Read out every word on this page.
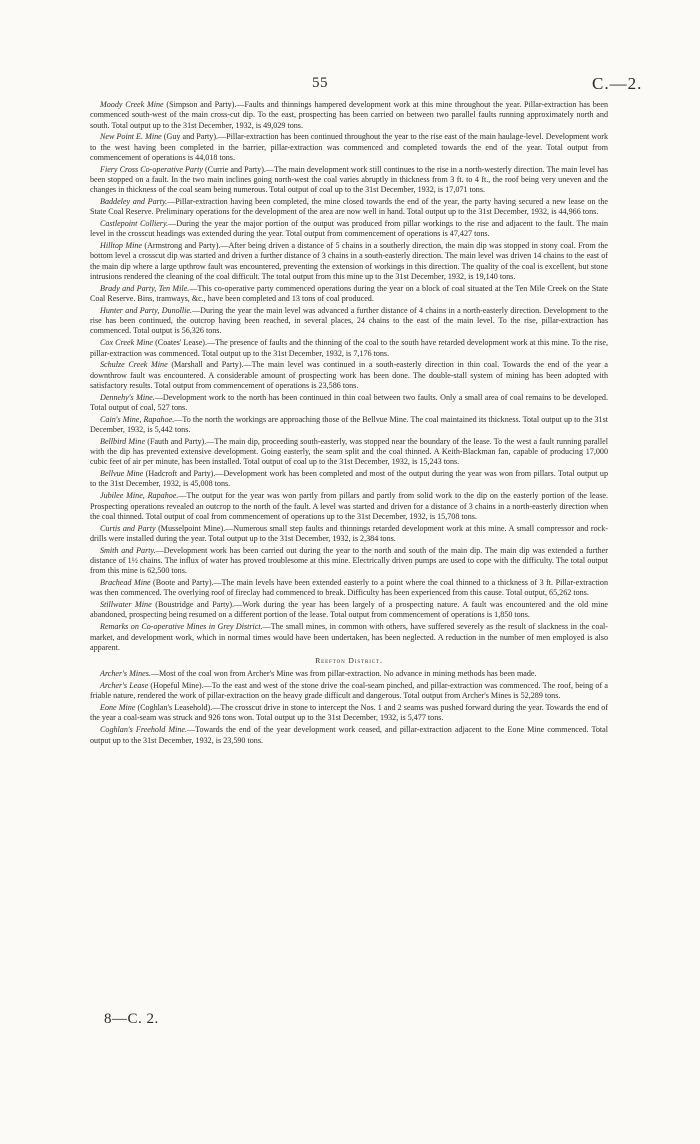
55	C.—2.

Moody Creek Mine (Simpson and Party).—Faults and thinnings hampered development work at this mine throughout the year. Pillar-extraction has been commenced south-west of the main cross-cut dip. To the east, prospecting has been carried on between two parallel faults running approximately north and south. Total output up to the 31st December, 1932, is 49,029 tons.

New Point E. Mine (Guy and Party).—Pillar-extraction has been continued throughout the year to the rise east of the main haulage-level. Development work to the west having been completed in the barrier, pillar-extraction was commenced and completed towards the end of the year. Total output from commencement of operations is 44,018 tons.

Fiery Cross Co-operative Party (Currie and Party).—The main development work still continues to the rise in a north-westerly direction. The main level has been stopped on a fault. In the two main inclines going north-west the coal varies abruptly in thickness from 3 ft. to 4 ft., the roof being very uneven and the changes in thickness of the coal seam being numerous. Total output of coal up to the 31st December, 1932, is 17,071 tons.

Baddeley and Party.—Pillar-extraction having been completed, the mine closed towards the end of the year, the party having secured a new lease on the State Coal Reserve. Preliminary operations for the development of the area are now well in hand. Total output up to the 31st December, 1932, is 44,966 tons.

Castlepoint Colliery.—During the year the major portion of the output was produced from pillar workings to the rise and adjacent to the fault. The main level in the crosscut headings was extended during the year. Total output from commencement of operations is 47,427 tons.

Hilltop Mine (Armstrong and Party).—After being driven a distance of 5 chains in a southerly direction, the main dip was stopped in stony coal. From the bottom level a crosscut dip was started and driven a further distance of 3 chains in a south-easterly direction. The main level was driven 14 chains to the east of the main dip where a large upthrow fault was encountered, preventing the extension of workings in this direction. The quality of the coal is excellent, but stone intrusions rendered the cleaning of the coal difficult. The total output from this mine up to the 31st December, 1932, is 19,140 tons.

Brady and Party, Ten Mile.—This co-operative party commenced operations during the year on a block of coal situated at the Ten Mile Creek on the State Coal Reserve. Bins, tramways, &c., have been completed and 13 tons of coal produced.

Hunter and Party, Dunollie.—During the year the main level was advanced a further distance of 4 chains in a north-easterly direction. Development to the rise has been continued, the outcrop having been reached, in several places, 24 chains to the east of the main level. To the rise, pillar-extraction has commenced. Total output is 56,326 tons.

Cox Creek Mine (Coates' Lease).—The presence of faults and the thinning of the coal to the south have retarded development work at this mine. To the rise, pillar-extraction was commenced. Total output up to the 31st December, 1932, is 7,176 tons.

Schulze Creek Mine (Marshall and Party).—The main level was continued in a south-easterly direction in thin coal. Towards the end of the year a downthrow fault was encountered. A considerable amount of prospecting work has been done. The double-stall system of mining has been adopted with satisfactory results. Total output from commencement of operations is 23,586 tons.

Dennehy's Mine.—Development work to the north has been continued in thin coal between two faults. Only a small area of coal remains to be developed. Total output of coal, 527 tons.

Cain's Mine, Rapahoe.—To the north the workings are approaching those of the Bellvue Mine. The coal maintained its thickness. Total output up to the 31st December, 1932, is 5,442 tons.

Bellbird Mine (Fauth and Party).—The main dip, proceeding south-easterly, was stopped near the boundary of the lease. To the west a fault running parallel with the dip has prevented extensive development. Going easterly, the seam split and the coal thinned. A Keith-Blackman fan, capable of producing 17,000 cubic feet of air per minute, has been installed. Total output of coal up to the 31st December, 1932, is 15,243 tons.

Bellvue Mine (Hadcroft and Party).—Development work has been completed and most of the output during the year was won from pillars. Total output up to the 31st December, 1932, is 45,008 tons.

Jubilee Mine, Rapahoe.—The output for the year was won partly from pillars and partly from solid work to the dip on the easterly portion of the lease. Prospecting operations revealed an outcrop to the north of the fault. A level was started and driven for a distance of 3 chains in a north-easterly direction when the coal thinned. Total output of coal from commencement of operations up to the 31st December, 1932, is 15,708 tons.

Curtis and Party (Musselpoint Mine).—Numerous small step faults and thinnings retarded development work at this mine. A small compressor and rock-drills were installed during the year. Total output up to the 31st December, 1932, is 2,384 tons.

Smith and Party.—Development work has been carried out during the year to the north and south of the main dip. The main dip was extended a further distance of 1½ chains. The influx of water has proved troublesome at this mine. Electrically driven pumps are used to cope with the difficulty. The total output from this mine is 62,500 tons.

Brachead Mine (Boote and Party).—The main levels have been extended easterly to a point where the coal thinned to a thickness of 3 ft. Pillar-extraction was then commenced. The overlying roof of fireclay had commenced to break. Difficulty has been experienced from this cause. Total output, 65,262 tons.

Stillwater Mine (Boustridge and Party).—Work during the year has been largely of a prospecting nature. A fault was encountered and the old mine abandoned, prospecting being resumed on a different portion of the lease. Total output from commencement of operations is 1,850 tons.

Remarks on Co-operative Mines in Grey District.—The small mines, in common with others, have suffered severely as the result of slackness in the coal-market, and development work, which in normal times would have been undertaken, has been neglected. A reduction in the number of men employed is also apparent.

Reefton District.

Archer's Mines.—Most of the coal won from Archer's Mine was from pillar-extraction. No advance in mining methods has been made.

Archer's Lease (Hopeful Mine).—To the east and west of the stone drive the coal-seam pinched, and pillar-extraction was commenced. The roof, being of a friable nature, rendered the work of pillar-extraction on the heavy grade difficult and dangerous. Total output from Archer's Mines is 52,289 tons.

Eone Mine (Coghlan's Leasehold).—The crosscut drive in stone to intercept the Nos. 1 and 2 seams was pushed forward during the year. Towards the end of the year a coal-seam was struck and 926 tons won. Total output up to the 31st December, 1932, is 5,477 tons.

Coghlan's Freehold Mine.—Towards the end of the year development work ceased, and pillar-extraction adjacent to the Eone Mine commenced. Total output up to the 31st December, 1932, is 23,590 tons.

8—C. 2.
